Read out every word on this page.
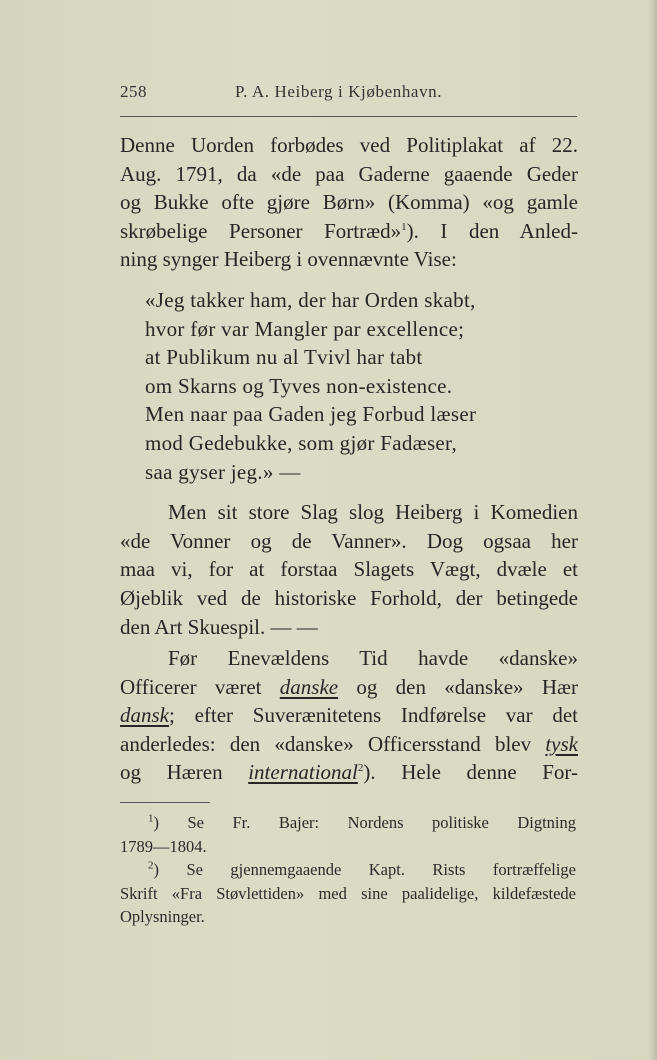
258	P. A. Heiberg i Kjøbenhavn.
Denne Uorden forbødes ved Politiplakat af 22.
Aug. 1791, da «de paa Gaderne gaaende Geder
og Bukke ofte gjøre Børn» (Komma) «og gamle
skrøbelige Personer Fortræd»$^1$). I den Anled-
ning synger Heiberg i ovennævnte Vise:
«Jeg takker ham, der har Orden skabt,
hvor før var Mangler par excellence;
at Publikum nu al Tvivl har tabt
om Skarns og Tyves non-existence.
Men naar paa Gaden jeg Forbud læser
mod Gedebukke, som gjør Fadæser,
saa gyser jeg.» —
Men sit store Slag slog Heiberg i Komedien
«de Vonner og de Vanner». Dog ogsaa her
maa vi, for at forstaa Slagets Vægt, dvæle et
Øjeblik ved de historiske Forhold, der betingede
den Art Skuespil. — —
Før Enevældens Tid havde «danske»
Officerer været danske og den «danske» Hær
dansk; efter Suverænitetens Indførelse var det
anderledes: den «danske» Officersstand blev tysk
og Hæren international$^2$). Hele denne For-
$^1$) Se Fr. Bajer: Nordens politiske Digtning
1789—1804.
$^2$) Se gjennemgaaende Kapt. Rists fortræffelige
Skrift «Fra Støvlettiden» med sine paalidelige, kildefæstede
Oplysninger.
